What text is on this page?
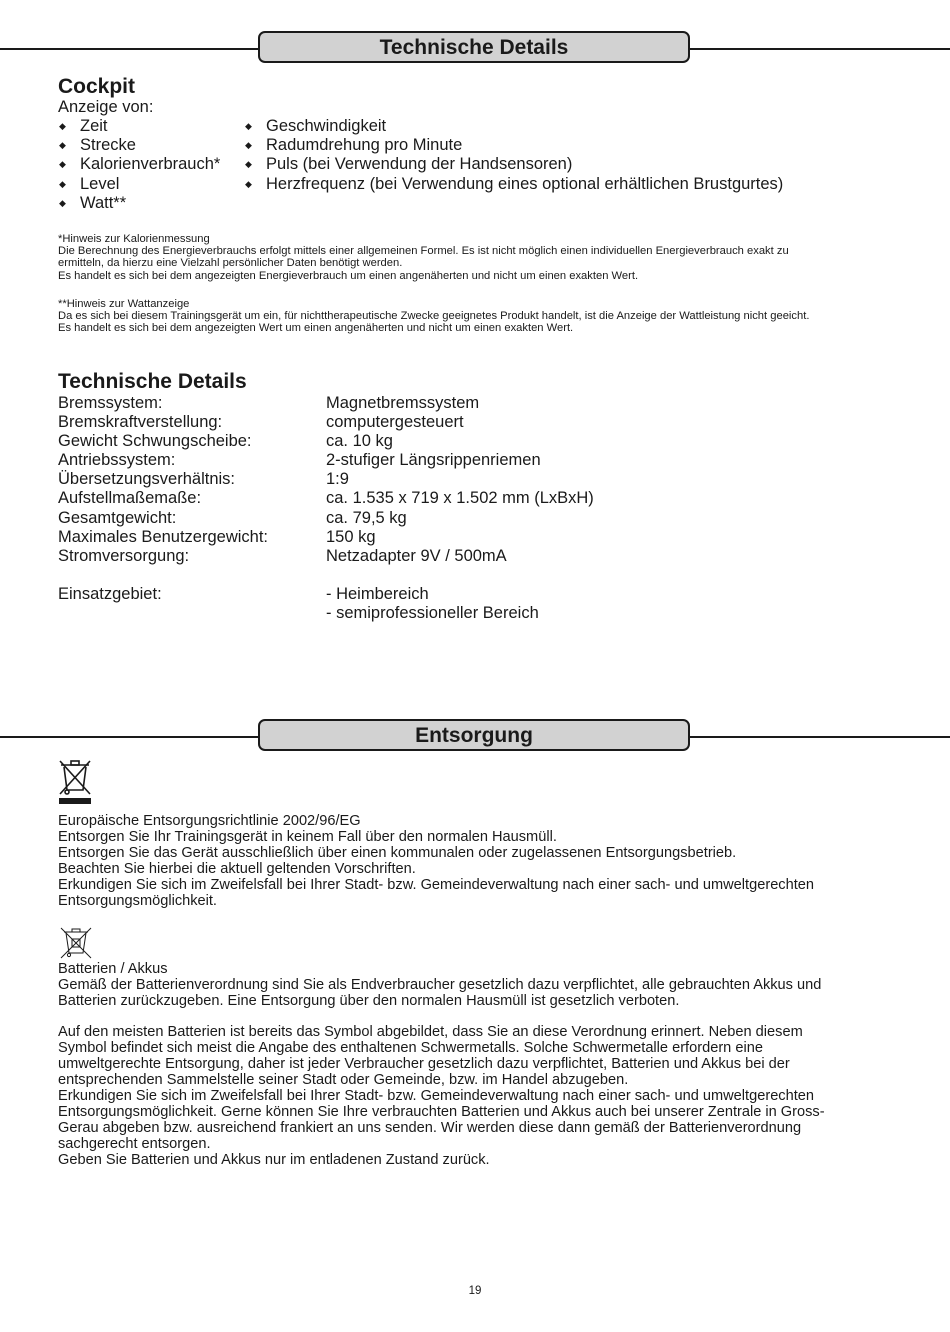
Technische Details
Cockpit
Anzeige von:
◆ Zeit
◆ Strecke
◆ Kalorienverbrauch*
◆ Level
◆ Watt**
◆ Geschwindigkeit
◆ Radumdrehung pro Minute
◆ Puls (bei Verwendung der Handsensoren)
◆ Herzfrequenz (bei Verwendung eines optional erhältlichen Brustgurtes)

*Hinweis zur Kalorienmessung

Die Berechnung des Energieverbrauchs erfolgt mittels einer allgemeinen Formel. Es ist nicht möglich einen individuellen Energieverbrauch exakt zu

ermitteln, da hierzu eine Vielzahl persönlicher Daten benötigt werden.

Es handelt es sich bei dem angezeigten Energieverbrauch um einen angenäherten und nicht um einen exakten Wert.

**Hinweis zur Wattanzeige

Da es sich bei diesem Trainingsgerät um ein, für nichttherapeutische Zwecke geeignetes Produkt handelt, ist die Anzeige der Wattleistung nicht geeicht.

Es handelt es sich bei dem angezeigten Wert um einen angenäherten und nicht um einen exakten Wert.

Technische Details
Bremssystem:	Magnetbremssystem
Bremskraftverstellung:	computergesteuert
Gewicht Schwungscheibe:	ca. 10 kg
Antriebssystem:	2-stufiger Längsrippenriemen
Übersetzungsverhältnis:	1:9
Aufstellmaßemaße:	ca. 1.535 x 719 x 1.502 mm (LxBxH)
Gesamtgewicht:	ca. 79,5 kg
Maximales Benutzergewicht:	150 kg
Stromversorgung:	Netzadapter 9V / 500mA
Einsatzgebiet:	- Heimbereich
- semiprofessioneller Bereich
Entsorgung

Europäische Entsorgungsrichtlinie 2002/96/EG

Entsorgen Sie Ihr Trainingsgerät in keinem Fall über den normalen Hausmüll.

Entsorgen Sie das Gerät ausschließlich über einen kommunalen oder zugelassenen Entsorgungsbetrieb.

Beachten Sie hierbei die aktuell geltenden Vorschriften.

Erkundigen Sie sich im Zweifelsfall bei Ihrer Stadt- bzw. Gemeindeverwaltung nach einer sach- und umweltgerechten

Entsorgungsmöglichkeit.

Batterien / Akkus

Gemäß der Batterienverordnung sind Sie als Endverbraucher gesetzlich dazu verpflichtet, alle gebrauchten Akkus und

Batterien zurückzugeben. Eine Entsorgung über den normalen Hausmüll ist gesetzlich verboten.

Auf den meisten Batterien ist bereits das Symbol abgebildet, dass Sie an diese Verordnung erinnert. Neben diesem

Symbol befindet sich meist die Angabe des enthaltenen Schwermetalls. Solche Schwermetalle erfordern eine

umweltgerechte Entsorgung, daher ist jeder Verbraucher gesetzlich dazu verpflichtet, Batterien und Akkus bei der

entsprechenden Sammelstelle seiner Stadt oder Gemeinde, bzw. im Handel abzugeben.

Erkundigen Sie sich im Zweifelsfall bei Ihrer Stadt- bzw. Gemeindeverwaltung nach einer sach- und umweltgerechten

Entsorgungsmöglichkeit. Gerne können Sie Ihre verbrauchten Batterien und Akkus auch bei unserer Zentrale in Gross-

Gerau abgeben bzw. ausreichend frankiert an uns senden. Wir werden diese dann gemäß der Batterienverordnung

sachgerecht entsorgen.

Geben Sie Batterien und Akkus nur im entladenen Zustand zurück.

19
